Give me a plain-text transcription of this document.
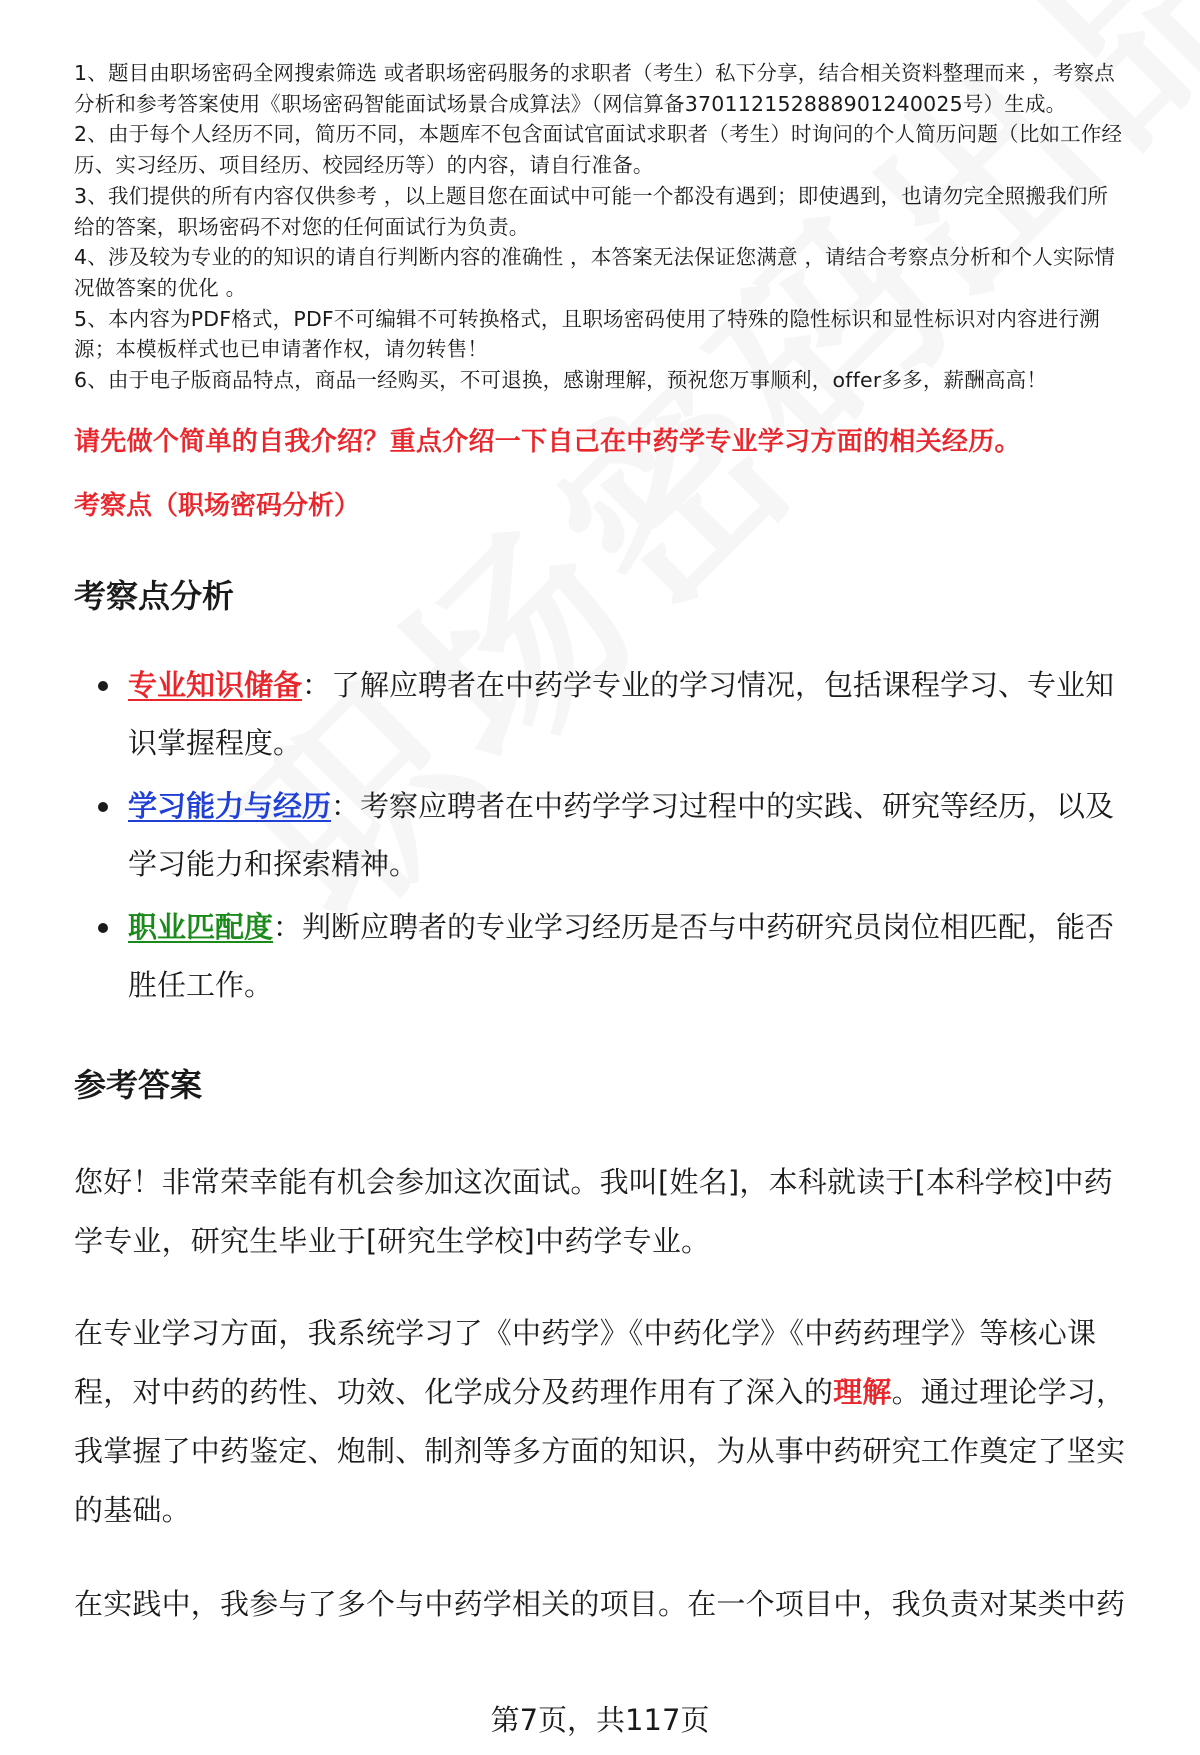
1、题目由职场密码全网搜索筛选 或者职场密码服务的求职者（考生）私下分享，结合相关资料整理而来 ，考察点分析和参考答案使用《职场密码智能面试场景合成算法》（网信算备370112152888901240025号）生成。

2、由于每个人经历不同，简历不同，本题库不包含面试官面试求职者（考生）时询问的个人简历问题（比如工作经历、实习经历、项目经历、校园经历等）的内容，请自行准备。

3、我们提供的所有内容仅供参考 ，以上题目您在面试中可能一个都没有遇到；即使遇到，也请勿完全照搬我们所给的答案，职场密码不对您的任何面试行为负责。

4、涉及较为专业的的知识的请自行判断内容的准确性 ，本答案无法保证您满意 ，请结合考察点分析和个人实际情况做答案的优化 。

5、本内容为PDF格式，PDF不可编辑不可转换格式，且职场密码使用了特殊的隐性标识和显性标识对内容进行溯源；本模板样式也已申请著作权，请勿转售！

6、由于电子版商品特点，商品一经购买，不可退换，感谢理解，预祝您万事顺利，offer多多，薪酬高高！

请先做个简单的自我介绍？重点介绍一下自己在中药学专业学习方面的相关经历。
考察点（职场密码分析）
考察点分析
专业知识储备：了解应聘者在中药学专业的学习情况，包括课程学习、专业知识掌握程度。
学习能力与经历：考察应聘者在中药学学习过程中的实践、研究等经历，以及学习能力和探索精神。
职业匹配度：判断应聘者的专业学习经历是否与中药研究员岗位相匹配，能否胜任工作。
参考答案

您好！非常荣幸能有机会参加这次面试。我叫[姓名]，本科就读于[本科学校]中药学专业，研究生毕业于[研究生学校]中药学专业。

在专业学习方面，我系统学习了《中药学》《中药化学》《中药药理学》等核心课程，对中药的药性、功效、化学成分及药理作用有了深入的理解。通过理论学习，我掌握了中药鉴定、炮制、制剂等多方面的知识，为从事中药研究工作奠定了坚实的基础。

在实践中，我参与了多个与中药学相关的项目。在一个项目中，我负责对某类中药

第7页，共117页
